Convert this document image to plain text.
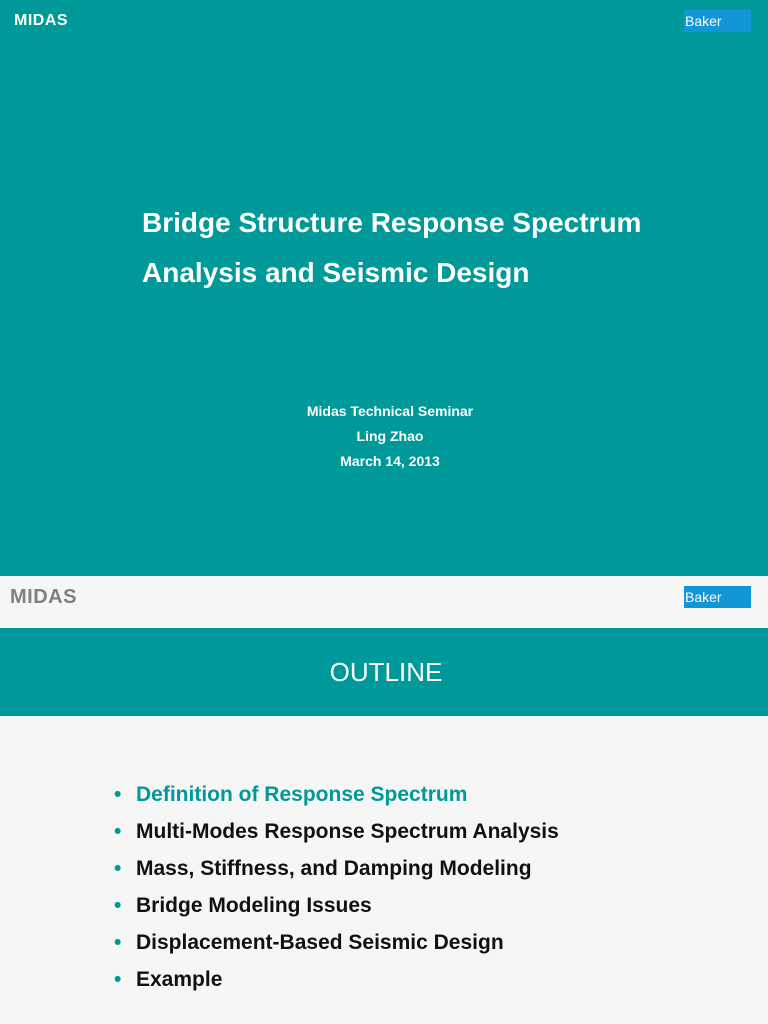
MIDAS	Baker
Bridge Structure Response Spectrum
Analysis and Seismic Design
Midas Technical Seminar
Ling Zhao
March 14, 2013
MIDAS	Baker
OUTLINE
• Definition of Response Spectrum
• Multi-Modes Response Spectrum Analysis
• Mass, Stiffness, and Damping Modeling
• Bridge Modeling Issues
• Displacement-Based Seismic Design
• Example
